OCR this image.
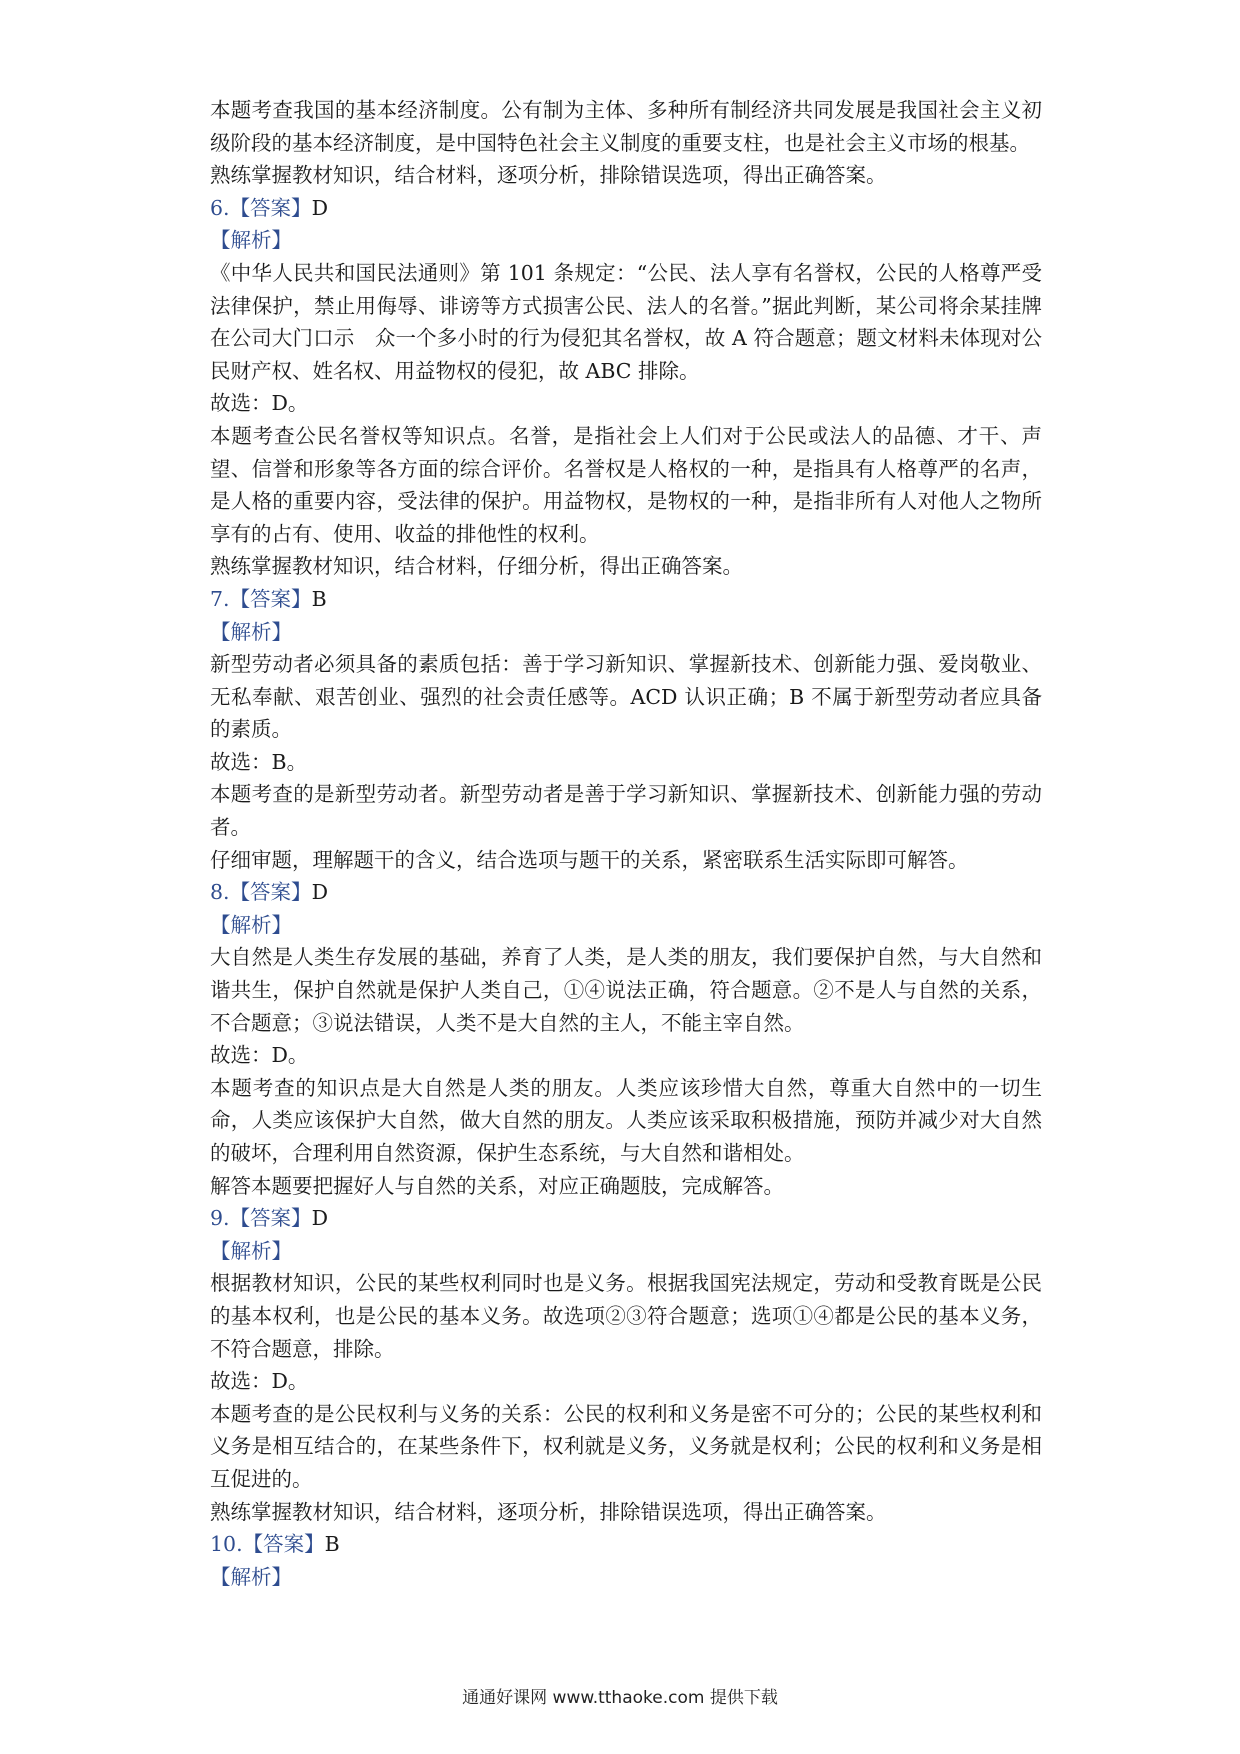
本题考查我国的基本经济制度。公有制为主体、多种所有制经济共同发展是我国社会主义初级阶段的基本经济制度，是中国特色社会主义制度的重要支柱，也是社会主义市场的根基。

熟练掌握教材知识，结合材料，逐项分析，排除错误选项，得出正确答案。

6.【答案】D

【解析】

《中华人民共和国民法通则》第 101 条规定：“公民、法人享有名誉权，公民的人格尊严受法律保护，禁止用侮辱、诽谤等方式损害公民、法人的名誉。”据此判断，某公司将余某挂牌在公司大门口示　众一个多小时的行为侵犯其名誉权，故 A 符合题意；题文材料未体现对公民财产权、姓名权、用益物权的侵犯，故 ABC 排除。

故选：D。

本题考查公民名誉权等知识点。名誉，是指社会上人们对于公民或法人的品德、才干、声望、信誉和形象等各方面的综合评价。名誉权是人格权的一种，是指具有人格尊严的名声，是人格的重要内容，受法律的保护。用益物权，是物权的一种，是指非所有人对他人之物所享有的占有、使用、收益的排他性的权利。

熟练掌握教材知识，结合材料，仔细分析，得出正确答案。

7.【答案】B

【解析】

新型劳动者必须具备的素质包括：善于学习新知识、掌握新技术、创新能力强、爱岗敬业、无私奉献、艰苦创业、强烈的社会责任感等。ACD 认识正确；B 不属于新型劳动者应具备的素质。

故选：B。

本题考查的是新型劳动者。新型劳动者是善于学习新知识、掌握新技术、创新能力强的劳动者。

仔细审题，理解题干的含义，结合选项与题干的关系，紧密联系生活实际即可解答。

8.【答案】D

【解析】

大自然是人类生存发展的基础，养育了人类，是人类的朋友，我们要保护自然，与大自然和谐共生，保护自然就是保护人类自己，①④说法正确，符合题意。②不是人与自然的关系，不合题意；③说法错误，人类不是大自然的主人，不能主宰自然。

故选：D。

本题考查的知识点是大自然是人类的朋友。人类应该珍惜大自然，尊重大自然中的一切生命，人类应该保护大自然，做大自然的朋友。人类应该采取积极措施，预防并减少对大自然的破坏，合理利用自然资源，保护生态系统，与大自然和谐相处。

解答本题要把握好人与自然的关系，对应正确题肢，完成解答。

9.【答案】D

【解析】

根据教材知识，公民的某些权利同时也是义务。根据我国宪法规定，劳动和受教育既是公民的基本权利，也是公民的基本义务。故选项②③符合题意；选项①④都是公民的基本义务，不符合题意，排除。

故选：D。

本题考查的是公民权利与义务的关系：公民的权利和义务是密不可分的；公民的某些权利和义务是相互结合的，在某些条件下，权利就是义务，义务就是权利；公民的权利和义务是相互促进的。

熟练掌握教材知识，结合材料，逐项分析，排除错误选项，得出正确答案。

10.【答案】B

【解析】

通通好课网 www.tthaoke.com 提供下载
